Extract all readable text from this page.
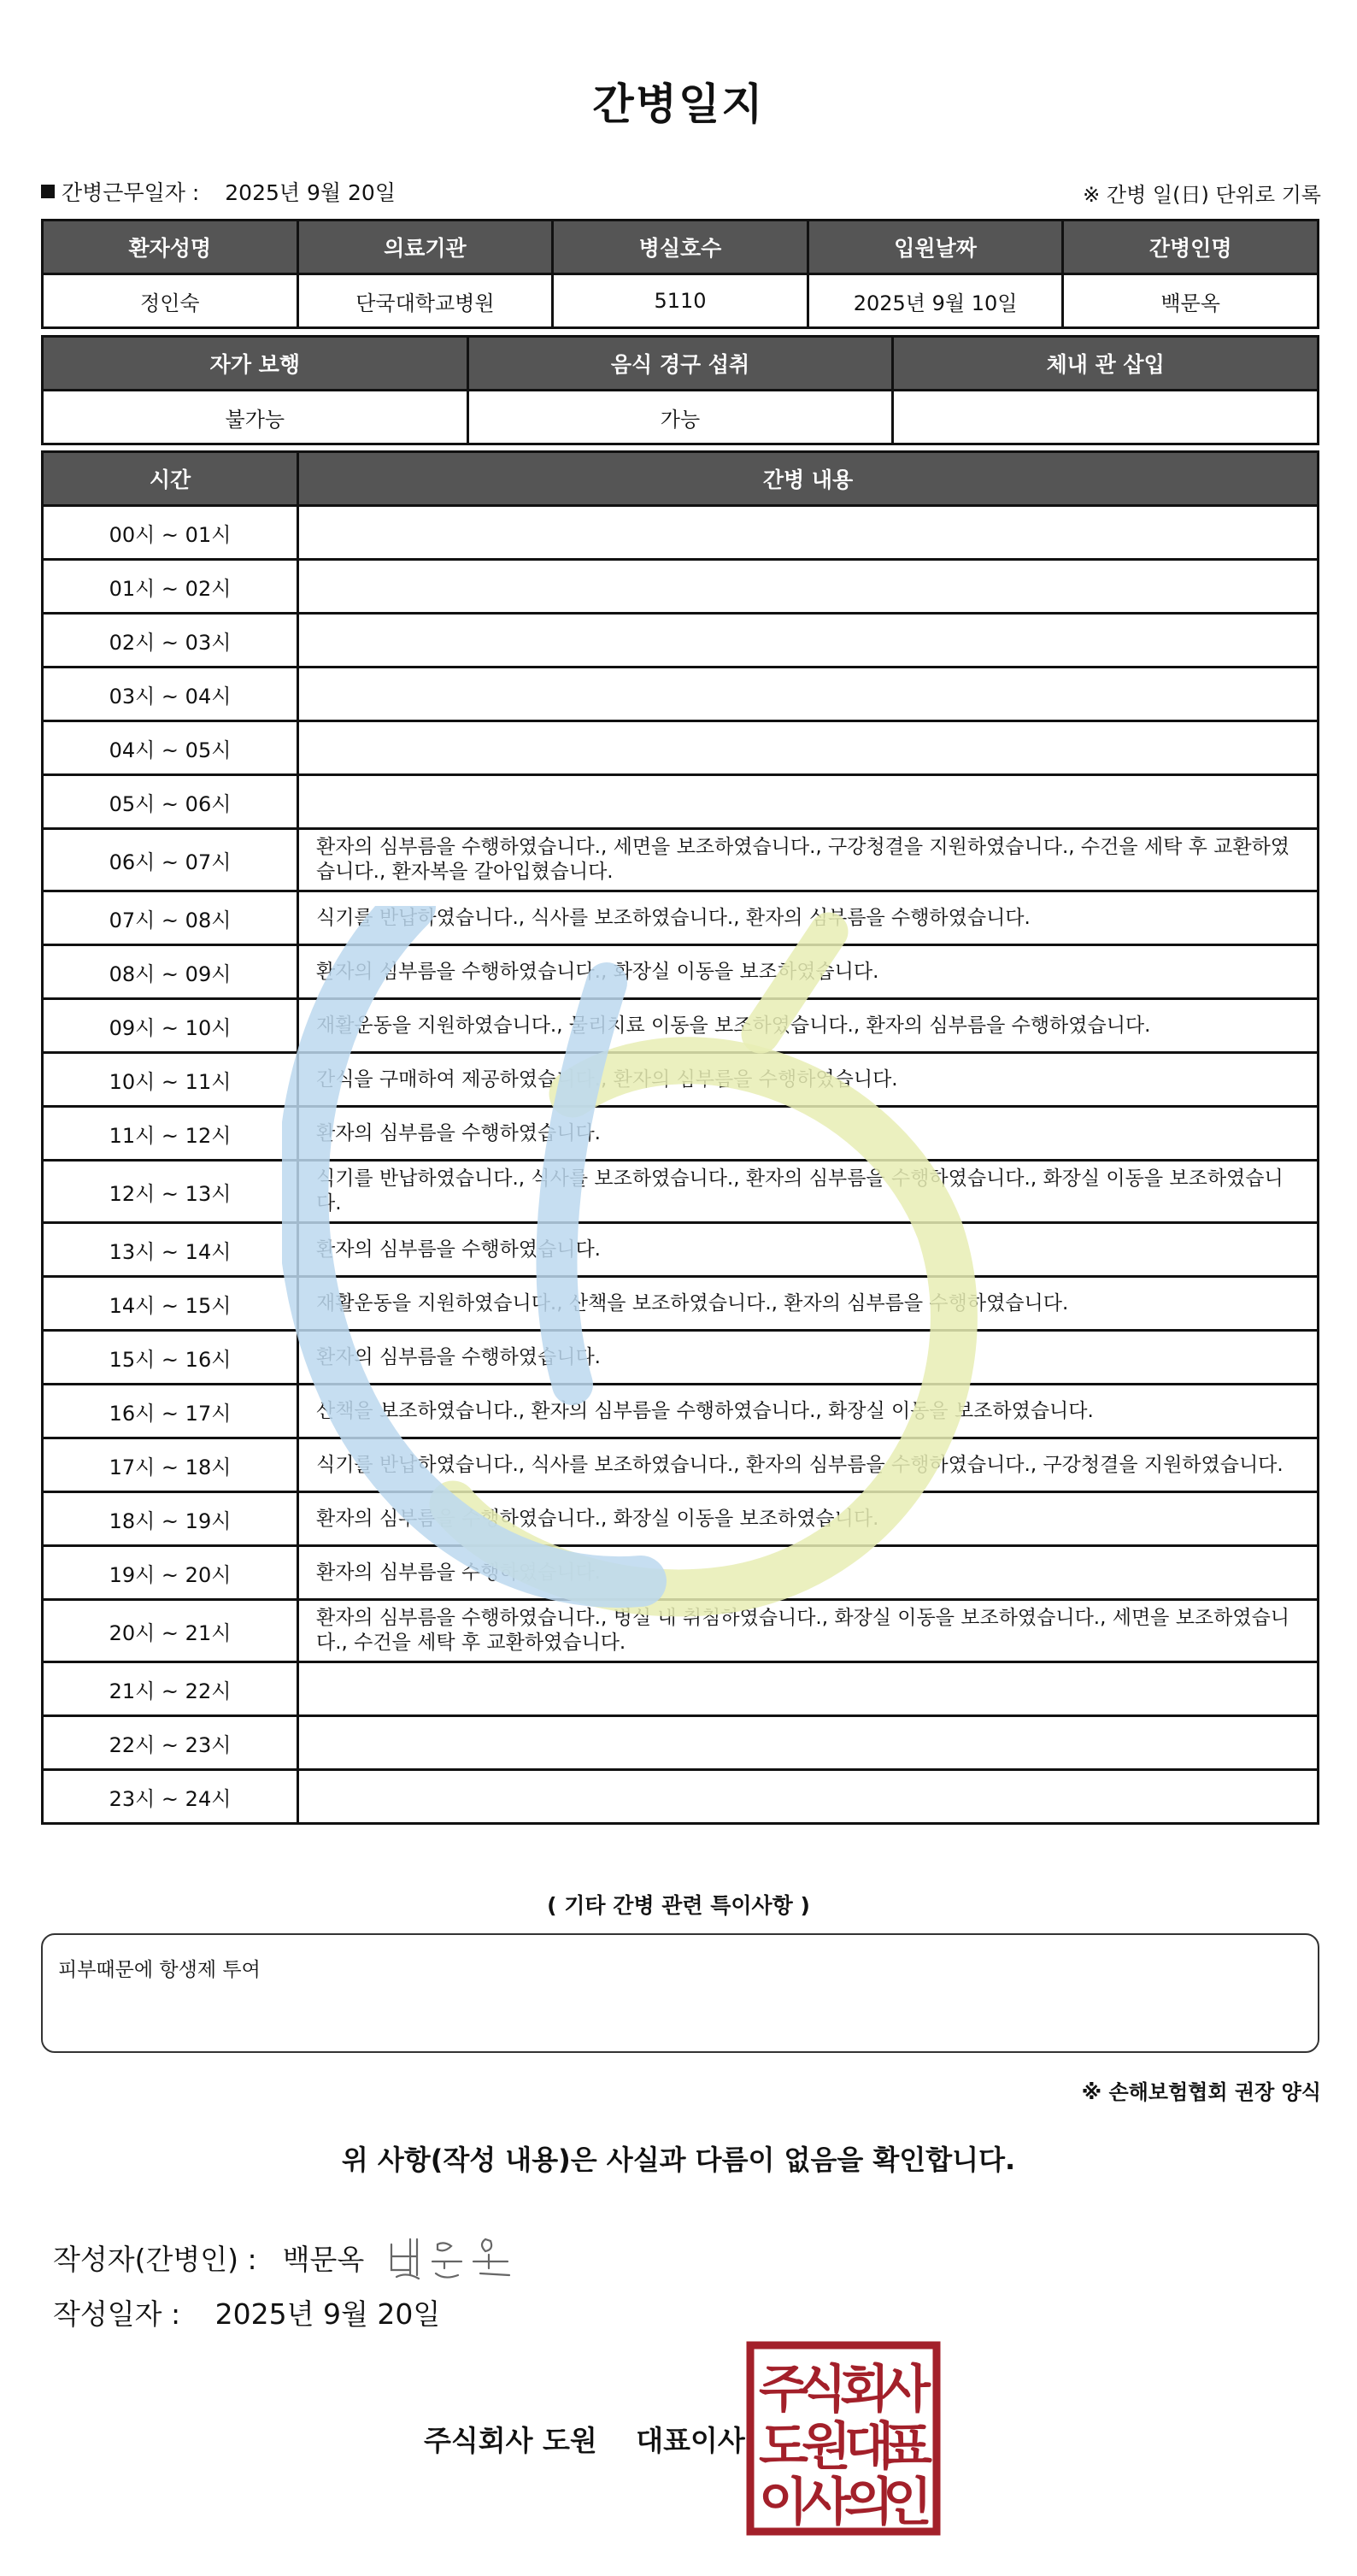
간병일지
간병근무일자 : 2025년 9월 20일	※ 간병 일(日) 단위로 기록
환자성명	의료기관	병실호수	입원날짜	간병인명
정인숙	단국대학교병원	5110	2025년 9월 10일	백문옥
자가 보행	음식 경구 섭취	체내 관 삽입
불가능	가능	
시간	간병 내용
00시 ~ 01시	
01시 ~ 02시	
02시 ~ 03시	
03시 ~ 04시	
04시 ~ 05시	
05시 ~ 06시	
06시 ~ 07시	환자의 심부름을 수행하였습니다., 세면을 보조하였습니다., 구강청결을 지원하였습니다., 수건을 세탁 후 교환하였습니다., 환자복을 갈아입혔습니다.
07시 ~ 08시	식기를 반납하였습니다., 식사를 보조하였습니다., 환자의 심부름을 수행하였습니다.
08시 ~ 09시	환자의 심부름을 수행하였습니다., 화장실 이동을 보조하였습니다.
09시 ~ 10시	재활운동을 지원하였습니다., 물리치료 이동을 보조하였습니다., 환자의 심부름을 수행하였습니다.
10시 ~ 11시	간식을 구매하여 제공하였습니다., 환자의 심부름을 수행하였습니다.
11시 ~ 12시	환자의 심부름을 수행하였습니다.
12시 ~ 13시	식기를 반납하였습니다., 식사를 보조하였습니다., 환자의 심부름을 수행하였습니다., 화장실 이동을 보조하였습니다.
13시 ~ 14시	환자의 심부름을 수행하였습니다.
14시 ~ 15시	재활운동을 지원하였습니다., 산책을 보조하였습니다., 환자의 심부름을 수행하였습니다.
15시 ~ 16시	환자의 심부름을 수행하였습니다.
16시 ~ 17시	산책을 보조하였습니다., 환자의 심부름을 수행하였습니다., 화장실 이동을 보조하였습니다.
17시 ~ 18시	식기를 반납하였습니다., 식사를 보조하였습니다., 환자의 심부름을 수행하였습니다., 구강청결을 지원하였습니다.
18시 ~ 19시	환자의 심부름을 수행하였습니다., 화장실 이동을 보조하였습니다.
19시 ~ 20시	환자의 심부름을 수행하였습니다.
20시 ~ 21시	환자의 심부름을 수행하였습니다., 병실 내 취침하였습니다., 화장실 이동을 보조하였습니다., 세면을 보조하였습니다., 수건을 세탁 후 교환하였습니다.
21시 ~ 22시	
22시 ~ 23시	
23시 ~ 24시	
( 기타 간병 관련 특이사항 )
피부때문에 항생제 투여
※ 손해보험협회 권장 양식
위 사항(작성 내용)은 사실과 다름이 없음을 확인합니다.
작성자(간병인) : 백문옥
작성일자 : 2025년 9월 20일
주식회사 도원 대표이사
주
식
회
사
도
원
대
표
이
사
의
인
